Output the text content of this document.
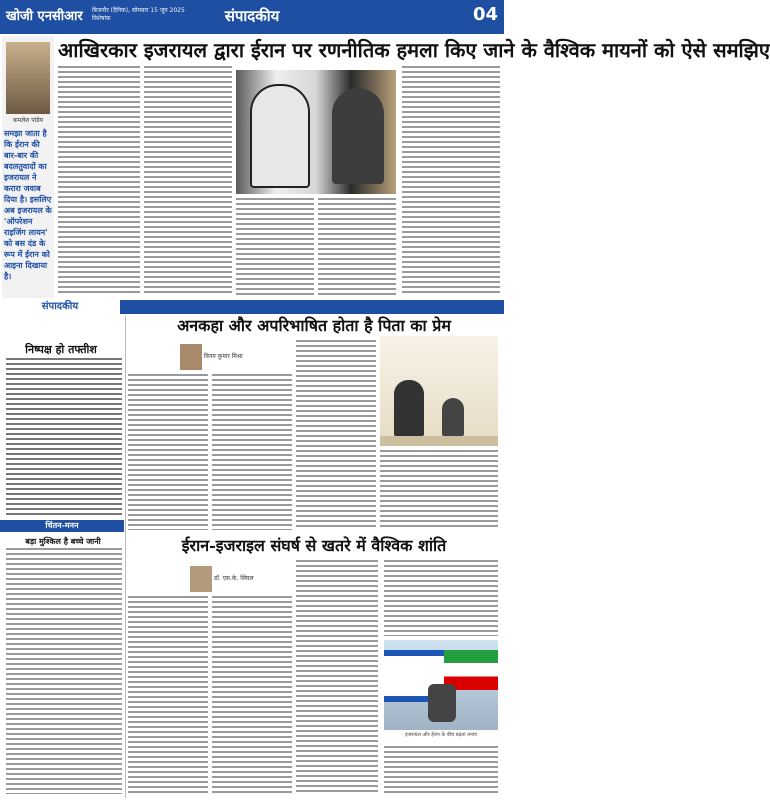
खोजी एनसीआर बिजनौर (दैनिक), सोमवार 15 जून 2025
विशेषांक	संपादकीय	04
आखिरकार इजरायल द्वारा ईरान पर रणनीतिक हमला किए जाने के वैश्विक मायनों को ऐसे समझिए
कमलेश पांडेय
समझा जाता है कि ईरान की बार-बार की बदलतुवादों का इजरायल ने करारा जवाब दिया है। इसलिए अब इजरायल के 'ऑपरेशन राइजिंग लायन' को बस दंड के रूप में ईरान को आइना दिखाया है।
संपादकीय
निष्पक्ष हो तफ्तीश
अनकहा और अपरिभाषित होता है पिता का प्रेम
विनय कुमार मिश्रा
चिंतन-मनन
बड़ा मुश्किल है बच्चे जानी	ईरान-इजराइल संघर्ष से खतरे में वैश्विक शांति
डॉ. एस.के. सिंघल
इजरायल और ईरान के बीच बढ़ता तनाव
